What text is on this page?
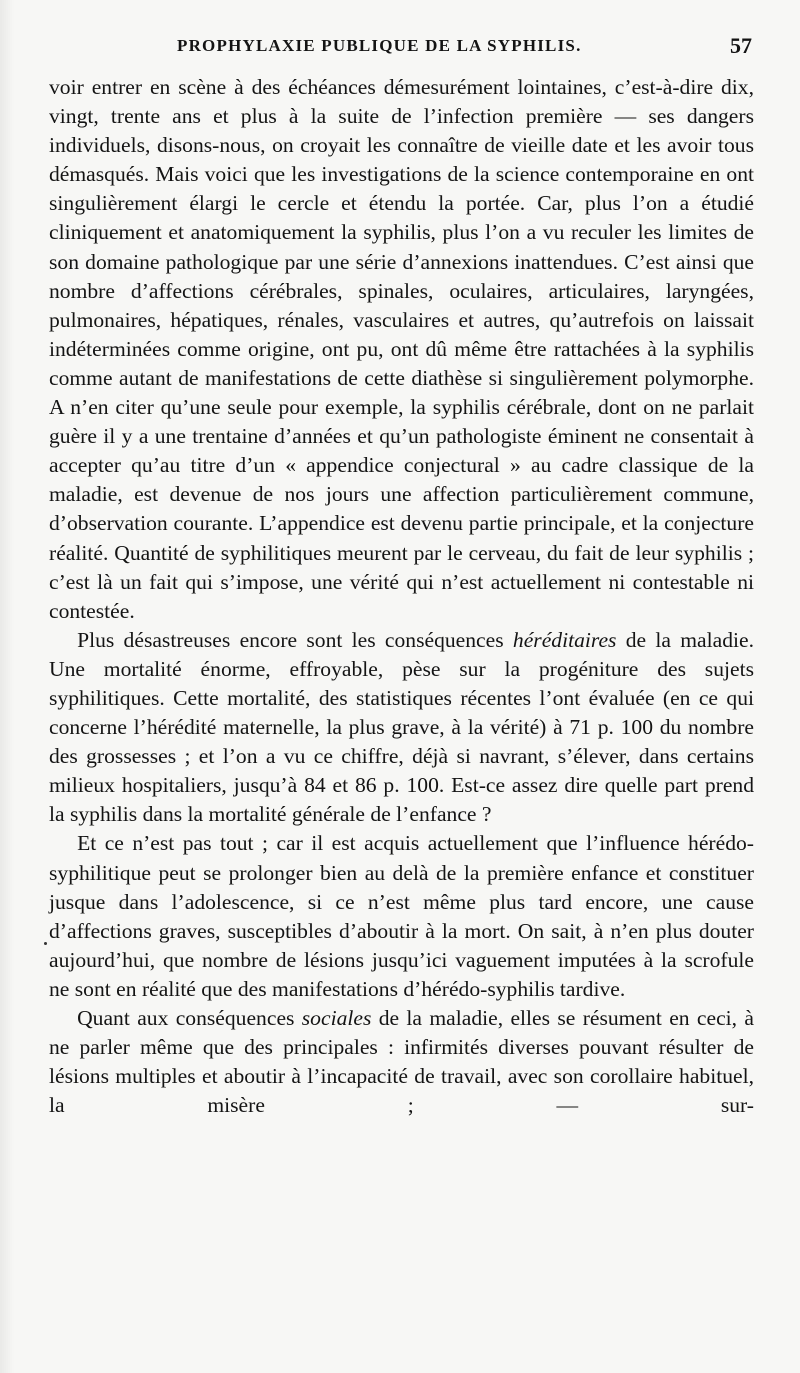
PROPHYLAXIE PUBLIQUE DE LA SYPHILIS.	57

voir entrer en scène à des échéances démesurément lointaines, c’est-à-dire dix, vingt, trente ans et plus à la suite de l’infection première — ses dangers individuels, disons-nous, on croyait les connaître de vieille date et les avoir tous démasqués. Mais voici que les investigations de la science contemporaine en ont singulièrement élargi le cercle et étendu la portée. Car, plus l’on a étudié cliniquement et anatomiquement la syphilis, plus l’on a vu reculer les limites de son domaine pathologique par une série d’annexions inattendues. C’est ainsi que nombre d’affections cérébrales, spinales, oculaires, articulaires, laryngées, pulmonaires, hépatiques, rénales, vasculaires et autres, qu’autrefois on laissait indéterminées comme origine, ont pu, ont dû même être rattachées à la syphilis comme autant de manifestations de cette diathèse si singulièrement polymorphe. A n’en citer qu’une seule pour exemple, la syphilis cérébrale, dont on ne parlait guère il y a une trentaine d’années et qu’un pathologiste éminent ne consentait à accepter qu’au titre d’un « appendice conjectural » au cadre classique de la maladie, est devenue de nos jours une affection particulièrement commune, d’observation courante. L’appendice est devenu partie principale, et la conjecture réalité. Quantité de syphilitiques meurent par le cerveau, du fait de leur syphilis ; c’est là un fait qui s’impose, une vérité qui n’est actuellement ni contestable ni contestée.

Plus désastreuses encore sont les conséquences héréditaires de la maladie. Une mortalité énorme, effroyable, pèse sur la progéniture des sujets syphilitiques. Cette mortalité, des statistiques récentes l’ont évaluée (en ce qui concerne l’hérédité maternelle, la plus grave, à la vérité) à 71 p. 100 du nombre des grossesses ; et l’on a vu ce chiffre, déjà si navrant, s’élever, dans certains milieux hospitaliers, jusqu’à 84 et 86 p. 100. Est-ce assez dire quelle part prend la syphilis dans la mortalité générale de l’enfance ?

Et ce n’est pas tout ; car il est acquis actuellement que l’influence hérédo-syphilitique peut se prolonger bien au delà de la première enfance et constituer jusque dans l’adolescence, si ce n’est même plus tard encore, une cause d’affections graves, susceptibles d’aboutir à la mort. On sait, à n’en plus douter aujourd’hui, que nombre de lésions jusqu’ici vaguement imputées à la scrofule ne sont en réalité que des manifestations d’hérédo-syphilis tardive.

Quant aux conséquences sociales de la maladie, elles se résument en ceci, à ne parler même que des principales : infirmités diverses pouvant résulter de lésions multiples et aboutir à l’incapacité de travail, avec son corollaire habituel, la misère ; — sur-
